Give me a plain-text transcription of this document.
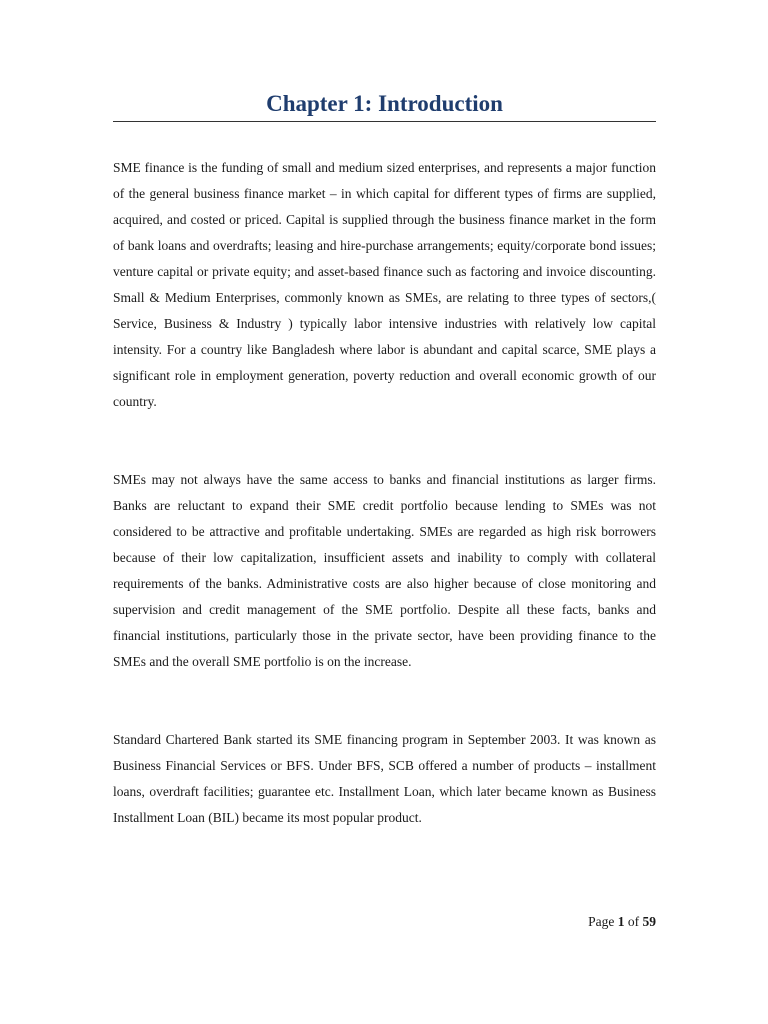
Chapter 1: Introduction

SME finance is the funding of small and medium sized enterprises, and represents a major function of the general business finance market – in which capital for different types of firms are supplied, acquired, and costed or priced. Capital is supplied through the business finance market in the form of bank loans and overdrafts; leasing and hire-purchase arrangements; equity/corporate bond issues; venture capital or private equity; and asset-based finance such as factoring and invoice discounting. Small & Medium Enterprises, commonly known as SMEs, are relating to three types of sectors,( Service, Business & Industry ) typically labor intensive industries with relatively low capital intensity. For a country like Bangladesh where labor is abundant and capital scarce, SME plays a significant role in employment generation, poverty reduction and overall economic growth of our country.

SMEs may not always have the same access to banks and financial institutions as larger firms. Banks are reluctant to expand their SME credit portfolio because lending to SMEs was not considered to be attractive and profitable undertaking. SMEs are regarded as high risk borrowers because of their low capitalization, insufficient assets and inability to comply with collateral requirements of the banks. Administrative costs are also higher because of close monitoring and supervision and credit management of the SME portfolio. Despite all these facts, banks and financial institutions, particularly those in the private sector, have been providing finance to the SMEs and the overall SME portfolio is on the increase.

Standard Chartered Bank started its SME financing program in September 2003. It was known as Business Financial Services or BFS. Under BFS, SCB offered a number of products – installment loans, overdraft facilities; guarantee etc. Installment Loan, which later became known as Business Installment Loan (BIL) became its most popular product.

Page 1 of 59
